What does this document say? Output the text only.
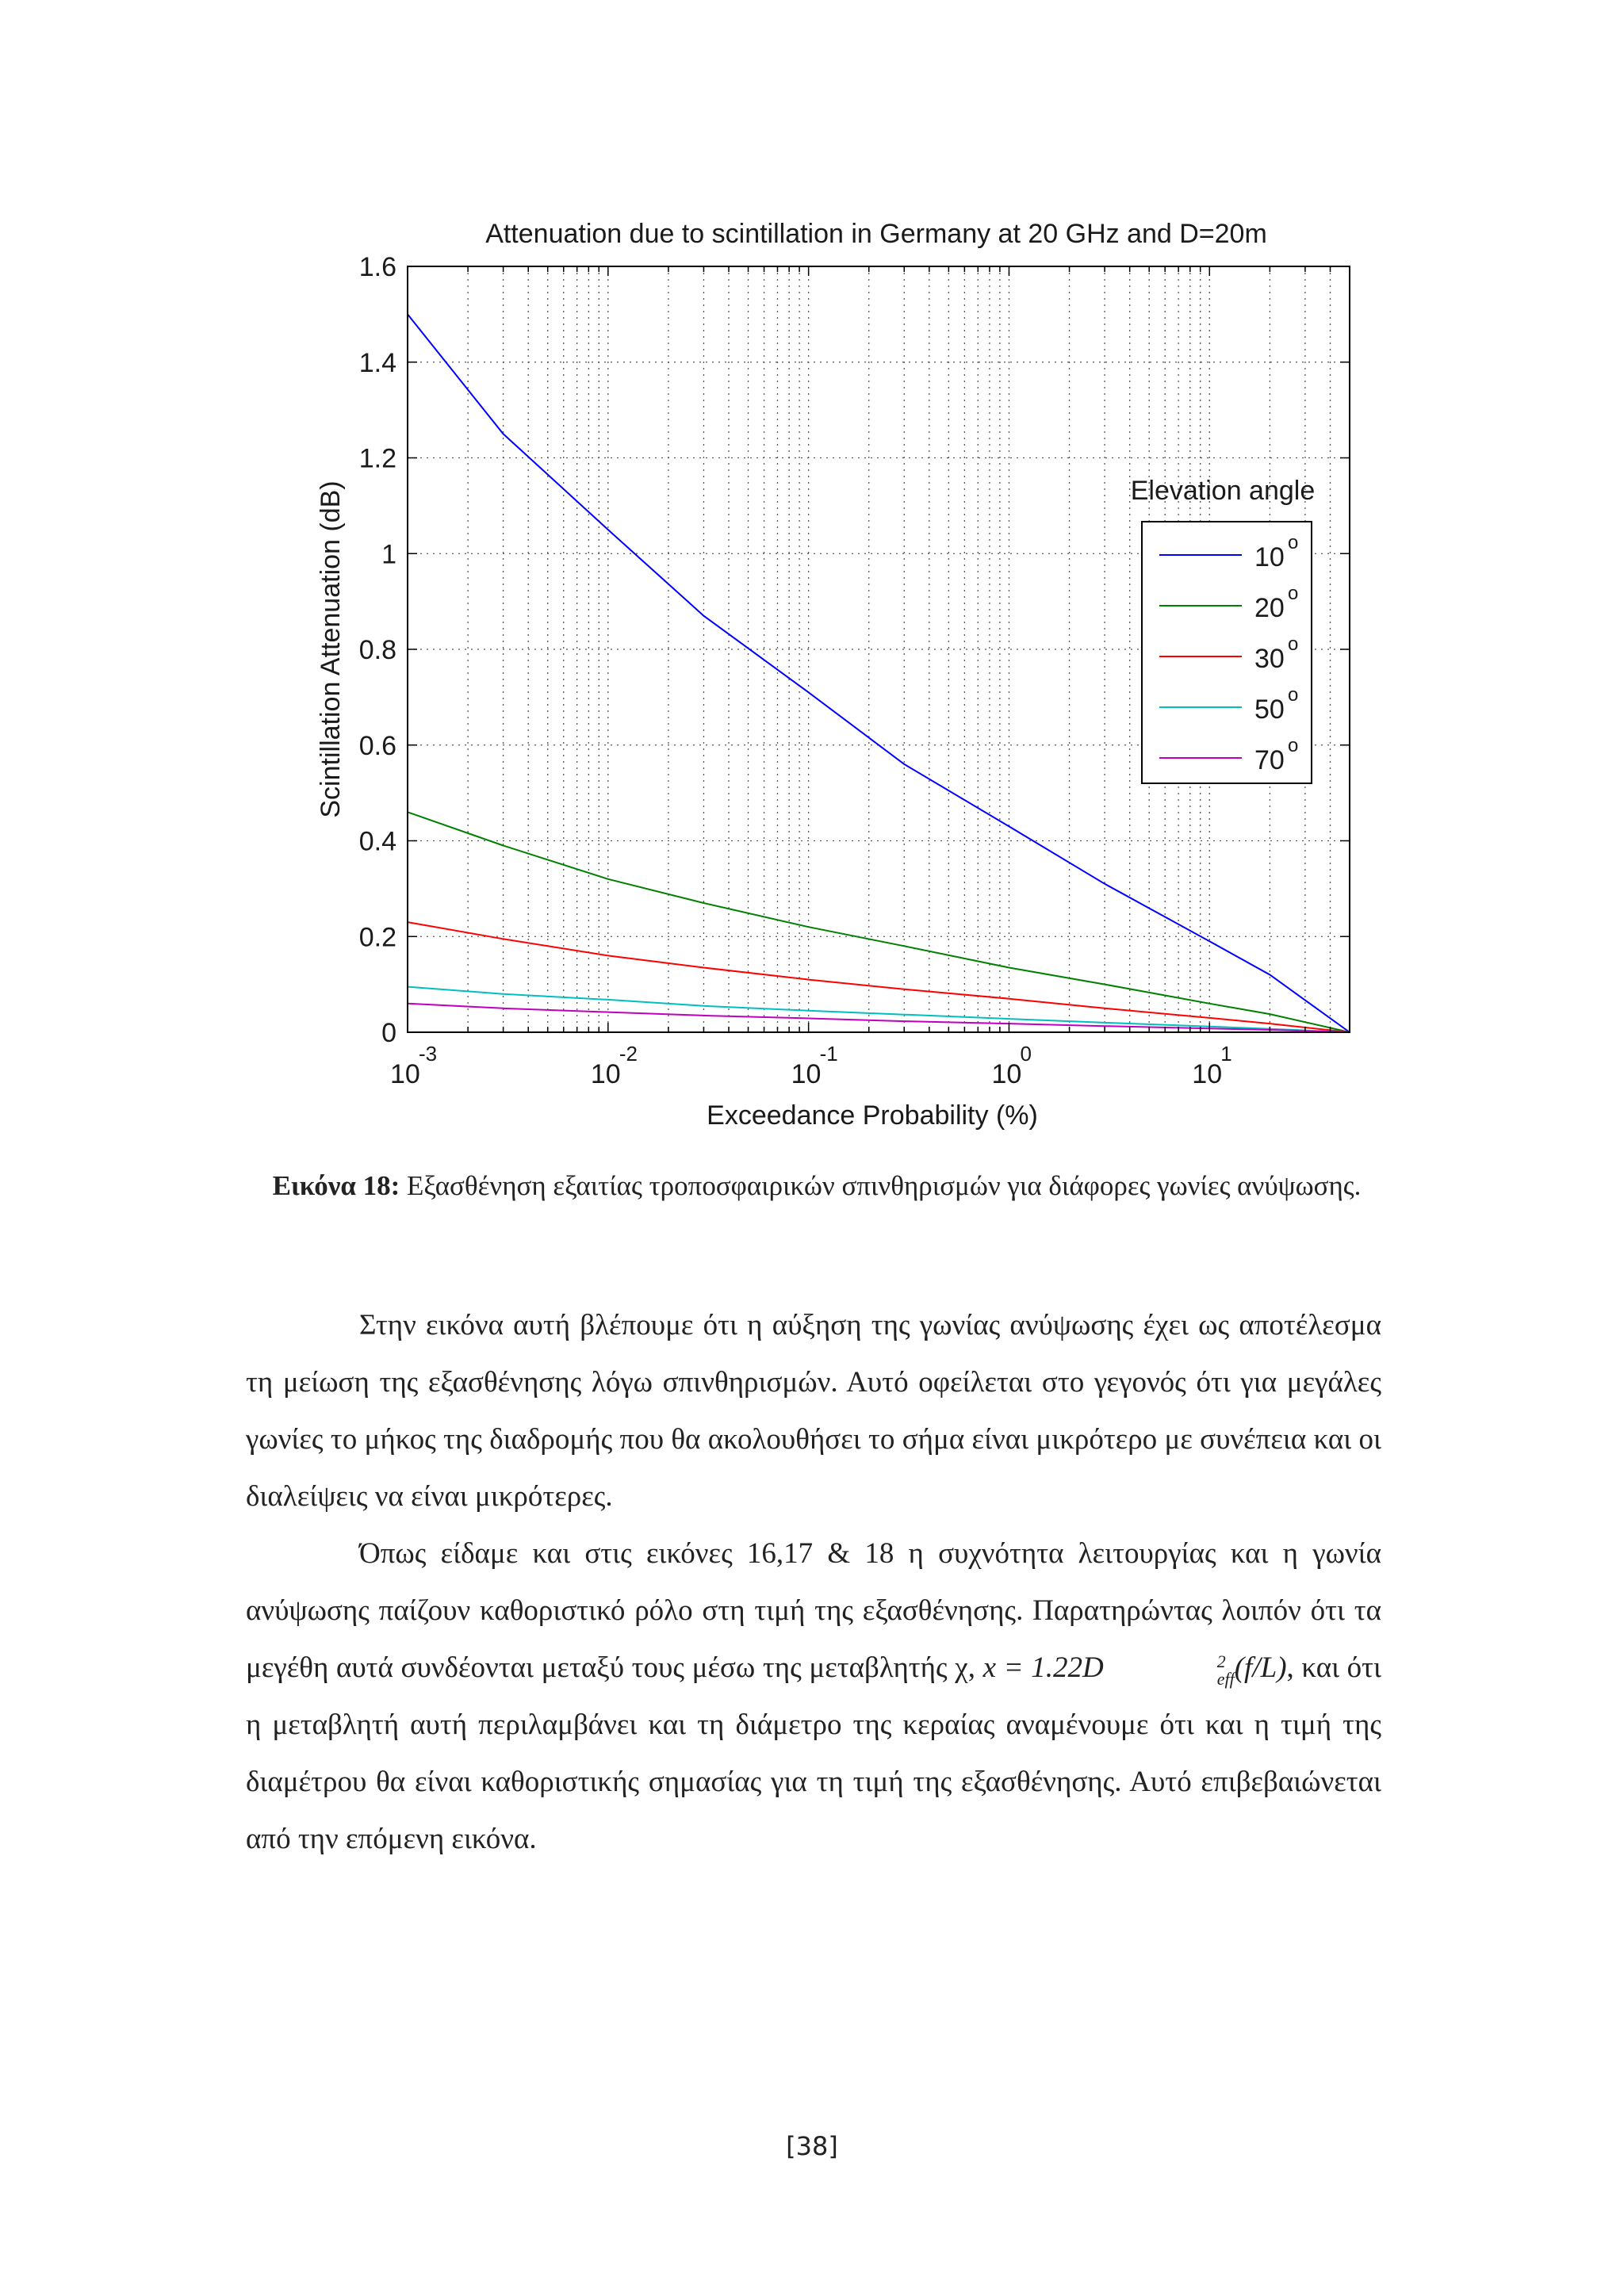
0
0.2
0.4
0.6
0.8
1
1.2
1.4
1.6
10
-3
10
-2
10
-1
10
0
10
1
Attenuation due to scintillation in Germany at 20 GHz and D=20m
Exceedance Probability (%)
Scintillation Attenuation (dB)	Elevation angle
10 o
20 o
30 o
50 o
70 o
Εικόνα 18: Εξασθένηση εξαιτίας τροποσφαιρικών σπινθηρισμών για διάφορες γωνίες ανύψωσης.

Στην εικόνα αυτή βλέπουμε ότι η αύξηση της γωνίας ανύψωσης έχει ως αποτέλεσμα τη μείωση της εξασθένησης λόγω σπινθηρισμών. Αυτό οφείλεται στο γεγονός ότι για μεγάλες γωνίες το μήκος της διαδρομής που θα ακολουθήσει το σήμα είναι μικρότερο με συνέπεια και οι διαλείψεις να είναι μικρότερες.

Όπως είδαμε και στις εικόνες 16,17 & 18 η συχνότητα λειτουργίας και η γωνία ανύψωσης παίζουν καθοριστικό ρόλο στη τιμή της εξασθένησης. Παρατηρώντας λοιπόν ότι τα μεγέθη αυτά συνδέονται μεταξύ τους μέσω της μεταβλητής χ, x = 1.22D	2
eff (f/L), και ότι η μεταβλητή αυτή περιλαμβάνει και τη διάμετρο της κεραίας αναμένουμε ότι και η τιμή της διαμέτρου θα είναι καθοριστικής σημασίας για τη τιμή της εξασθένησης. Αυτό επιβεβαιώνεται από την επόμενη εικόνα.

[38]
